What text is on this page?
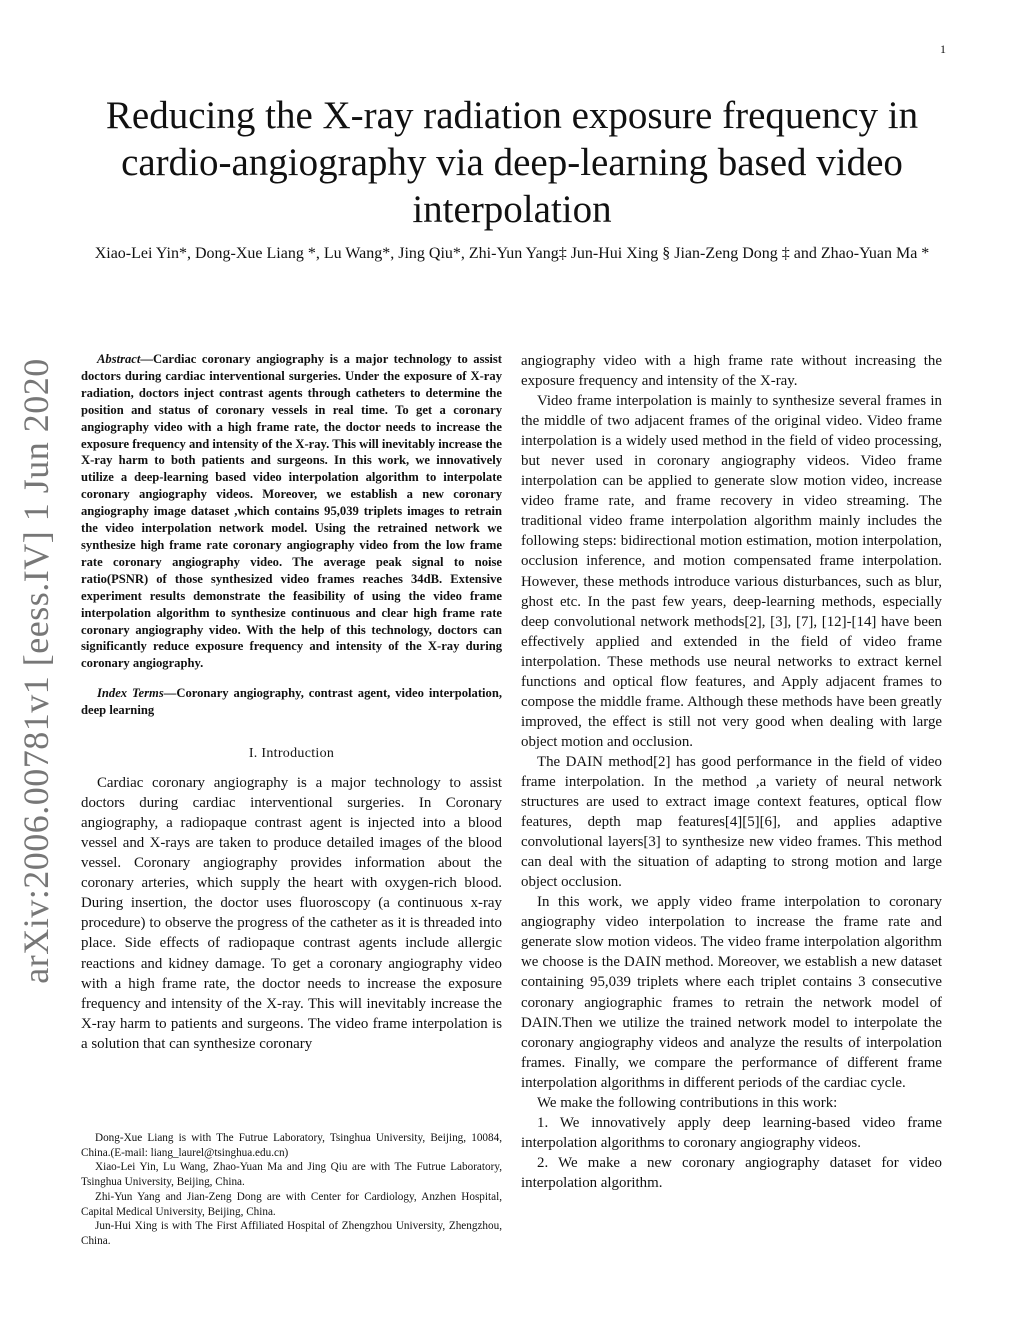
1
arXiv:2006.00781v1 [eess.IV] 1 Jun 2020
Reducing the X-ray radiation exposure frequency in cardio-angiography via deep-learning based video interpolation
Xiao-Lei Yin*, Dong-Xue Liang *, Lu Wang*, Jing Qiu*, Zhi-Yun Yang‡ Jun-Hui Xing § Jian-Zeng Dong ‡ and Zhao-Yuan Ma *

Abstract—Cardiac coronary angiography is a major technology to assist doctors during cardiac interventional surgeries. Under the exposure of X-ray radiation, doctors inject contrast agents through catheters to determine the position and status of coronary vessels in real time. To get a coronary angiography video with a high frame rate, the doctor needs to increase the exposure frequency and intensity of the X-ray. This will inevitably increase the X-ray harm to both patients and surgeons. In this work, we innovatively utilize a deep-learning based video interpolation algorithm to interpolate coronary angiography videos. Moreover, we establish a new coronary angiography image dataset ,which contains 95,039 triplets images to retrain the video interpolation network model. Using the retrained network we synthesize high frame rate coronary angiography video from the low frame rate coronary angiography video. The average peak signal to noise ratio(PSNR) of those synthesized video frames reaches 34dB. Extensive experiment results demonstrate the feasibility of using the video frame interpolation algorithm to synthesize continuous and clear high frame rate coronary angiography video. With the help of this technology, doctors can significantly reduce exposure frequency and intensity of the X-ray during coronary angiography.

Index Terms—Coronary angiography, contrast agent, video interpolation, deep learning

I. Introduction

Cardiac coronary angiography is a major technology to assist doctors during cardiac interventional surgeries. In Coronary angiography, a radiopaque contrast agent is injected into a blood vessel and X-rays are taken to produce detailed images of the blood vessel. Coronary angiography provides information about the coronary arteries, which supply the heart with oxygen-rich blood. During insertion, the doctor uses fluoroscopy (a continuous x-ray procedure) to observe the progress of the catheter as it is threaded into place. Side effects of radiopaque contrast agents include allergic reactions and kidney damage. To get a coronary angiography video with a high frame rate, the doctor needs to increase the exposure frequency and intensity of the X-ray. This will inevitably increase the X-ray harm to patients and surgeons. The video frame interpolation is a solution that can synthesize coronary

Dong-Xue Liang is with The Futrue Laboratory, Tsinghua University, Beijing, 10084, China.(E-mail: liang_laurel@tsinghua.edu.cn)

Xiao-Lei Yin, Lu Wang, Zhao-Yuan Ma and Jing Qiu are with The Futrue Laboratory, Tsinghua University, Beijing, China.

Zhi-Yun Yang and Jian-Zeng Dong are with Center for Cardiology, Anzhen Hospital, Capital Medical University, Beijing, China.

Jun-Hui Xing is with The First Affiliated Hospital of Zhengzhou University, Zhengzhou, China.

angiography video with a high frame rate without increasing the exposure frequency and intensity of the X-ray.

Video frame interpolation is mainly to synthesize several frames in the middle of two adjacent frames of the original video. Video frame interpolation is a widely used method in the field of video processing, but never used in coronary angiography videos. Video frame interpolation can be applied to generate slow motion video, increase video frame rate, and frame recovery in video streaming. The traditional video frame interpolation algorithm mainly includes the following steps: bidirectional motion estimation, motion interpolation, occlusion inference, and motion compensated frame interpolation. However, these methods introduce various disturbances, such as blur, ghost etc. In the past few years, deep-learning methods, especially deep convolutional network methods[2], [3], [7], [12]-[14] have been effectively applied and extended in the field of video frame interpolation. These methods use neural networks to extract kernel functions and optical flow features, and Apply adjacent frames to compose the middle frame. Although these methods have been greatly improved, the effect is still not very good when dealing with large object motion and occlusion.

The DAIN method[2] has good performance in the field of video frame interpolation. In the method ,a variety of neural network structures are used to extract image context features, optical flow features, depth map features[4][5][6], and applies adaptive convolutional layers[3] to synthesize new video frames. This method can deal with the situation of adapting to strong motion and large object occlusion.

In this work, we apply video frame interpolation to coronary angiography video interpolation to increase the frame rate and generate slow motion videos. The video frame interpolation algorithm we choose is the DAIN method. Moreover, we establish a new dataset containing 95,039 triplets where each triplet contains 3 consecutive coronary angiographic frames to retrain the network model of DAIN.Then we utilize the trained network model to interpolate the coronary angiography videos and analyze the results of interpolation frames. Finally, we compare the performance of different frame interpolation algorithms in different periods of the cardiac cycle.

We make the following contributions in this work:

1. We innovatively apply deep learning-based video frame interpolation algorithms to coronary angiography videos.

2. We make a new coronary angiography dataset for video interpolation algorithm.
